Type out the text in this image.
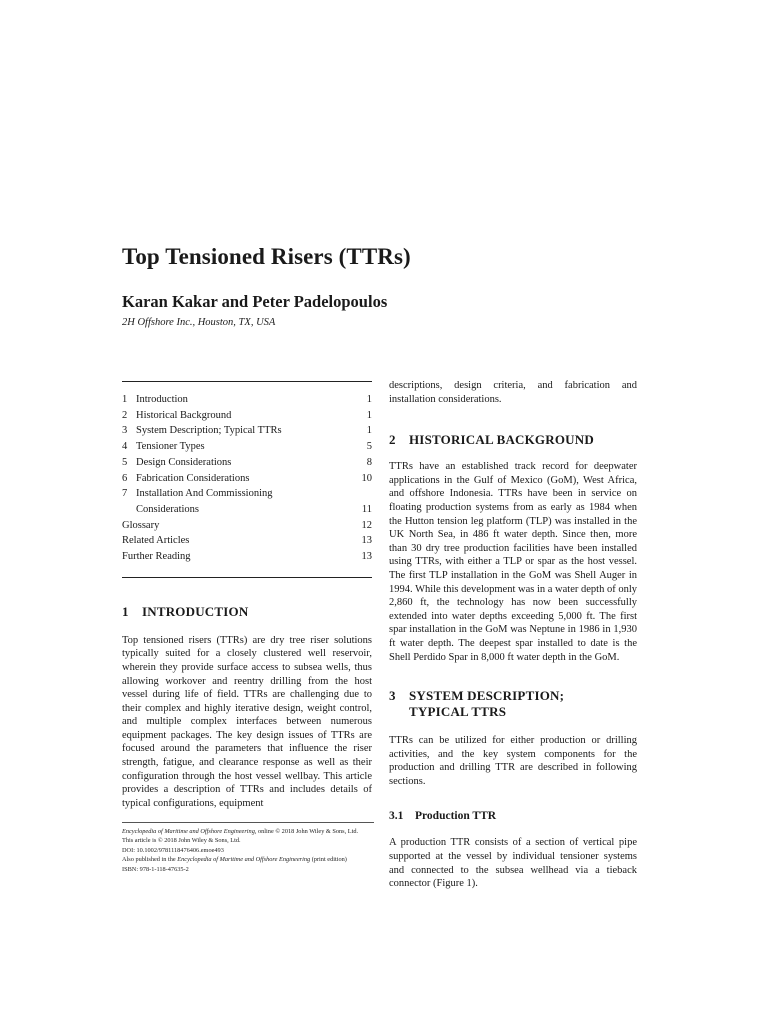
Top Tensioned Risers (TTRs)

Karan Kakar and Peter Padelopoulos

2H Offshore Inc., Houston, TX, USA

1 Introduction	1
2 Historical Background	1
3 System Description; Typical TTRs	1
4 Tensioner Types	5
5 Design Considerations	8
6 Fabrication Considerations	10
7 Installation And Commissioning
Considerations	11
Glossary	12
Related Articles	13
Further Reading	13
1 INTRODUCTION

Top tensioned risers (TTRs) are dry tree riser solutions typically suited for a closely clustered well reservoir, wherein they provide surface access to subsea wells, thus allowing workover and reentry drilling from the host vessel during life of field. TTRs are challenging due to their complex and highly iterative design, weight control, and multiple complex interfaces between numerous equipment packages. The key design issues of TTRs are focused around the parameters that influence the riser strength, fatigue, and clearance response as well as their configuration through the host vessel wellbay. This article provides a description of TTRs and includes details of typical configurations, equipment

descriptions, design criteria, and fabrication and installation considerations.

2 HISTORICAL BACKGROUND

TTRs have an established track record for deepwater applications in the Gulf of Mexico (GoM), West Africa, and offshore Indonesia. TTRs have been in service on floating production systems from as early as 1984 when the Hutton tension leg platform (TLP) was installed in the UK North Sea, in 486 ft water depth. Since then, more than 30 dry tree production facilities have been installed using TTRs, with either a TLP or spar as the host vessel. The first TLP installation in the GoM was Shell Auger in 1994. While this development was in a water depth of only 2,860 ft, the technology has now been successfully extended into water depths exceeding 5,000 ft. The first spar installation in the GoM was Neptune in 1986 in 1,930 ft water depth. The deepest spar installed to date is the Shell Perdido Spar in 8,000 ft water depth in the GoM.

3	SYSTEM DESCRIPTION; TYPICAL TTRS

TTRs can be utilized for either production or drilling activities, and the key system components for the production and drilling TTR are described in following sections.

3.1 Production TTR

A production TTR consists of a section of vertical pipe supported at the vessel by individual tensioner systems and connected to the subsea wellhead via a tieback connector (Figure 1).

Encyclopedia of Maritime and Offshore Engineering, online © 2018 John Wiley & Sons, Ltd.
This article is © 2018 John Wiley & Sons, Ltd.
DOI: 10.1002/9781118476406.emoe493
Also published in the Encyclopedia of Maritime and Offshore Engineering (print edition)
ISBN: 978-1-118-47635-2
